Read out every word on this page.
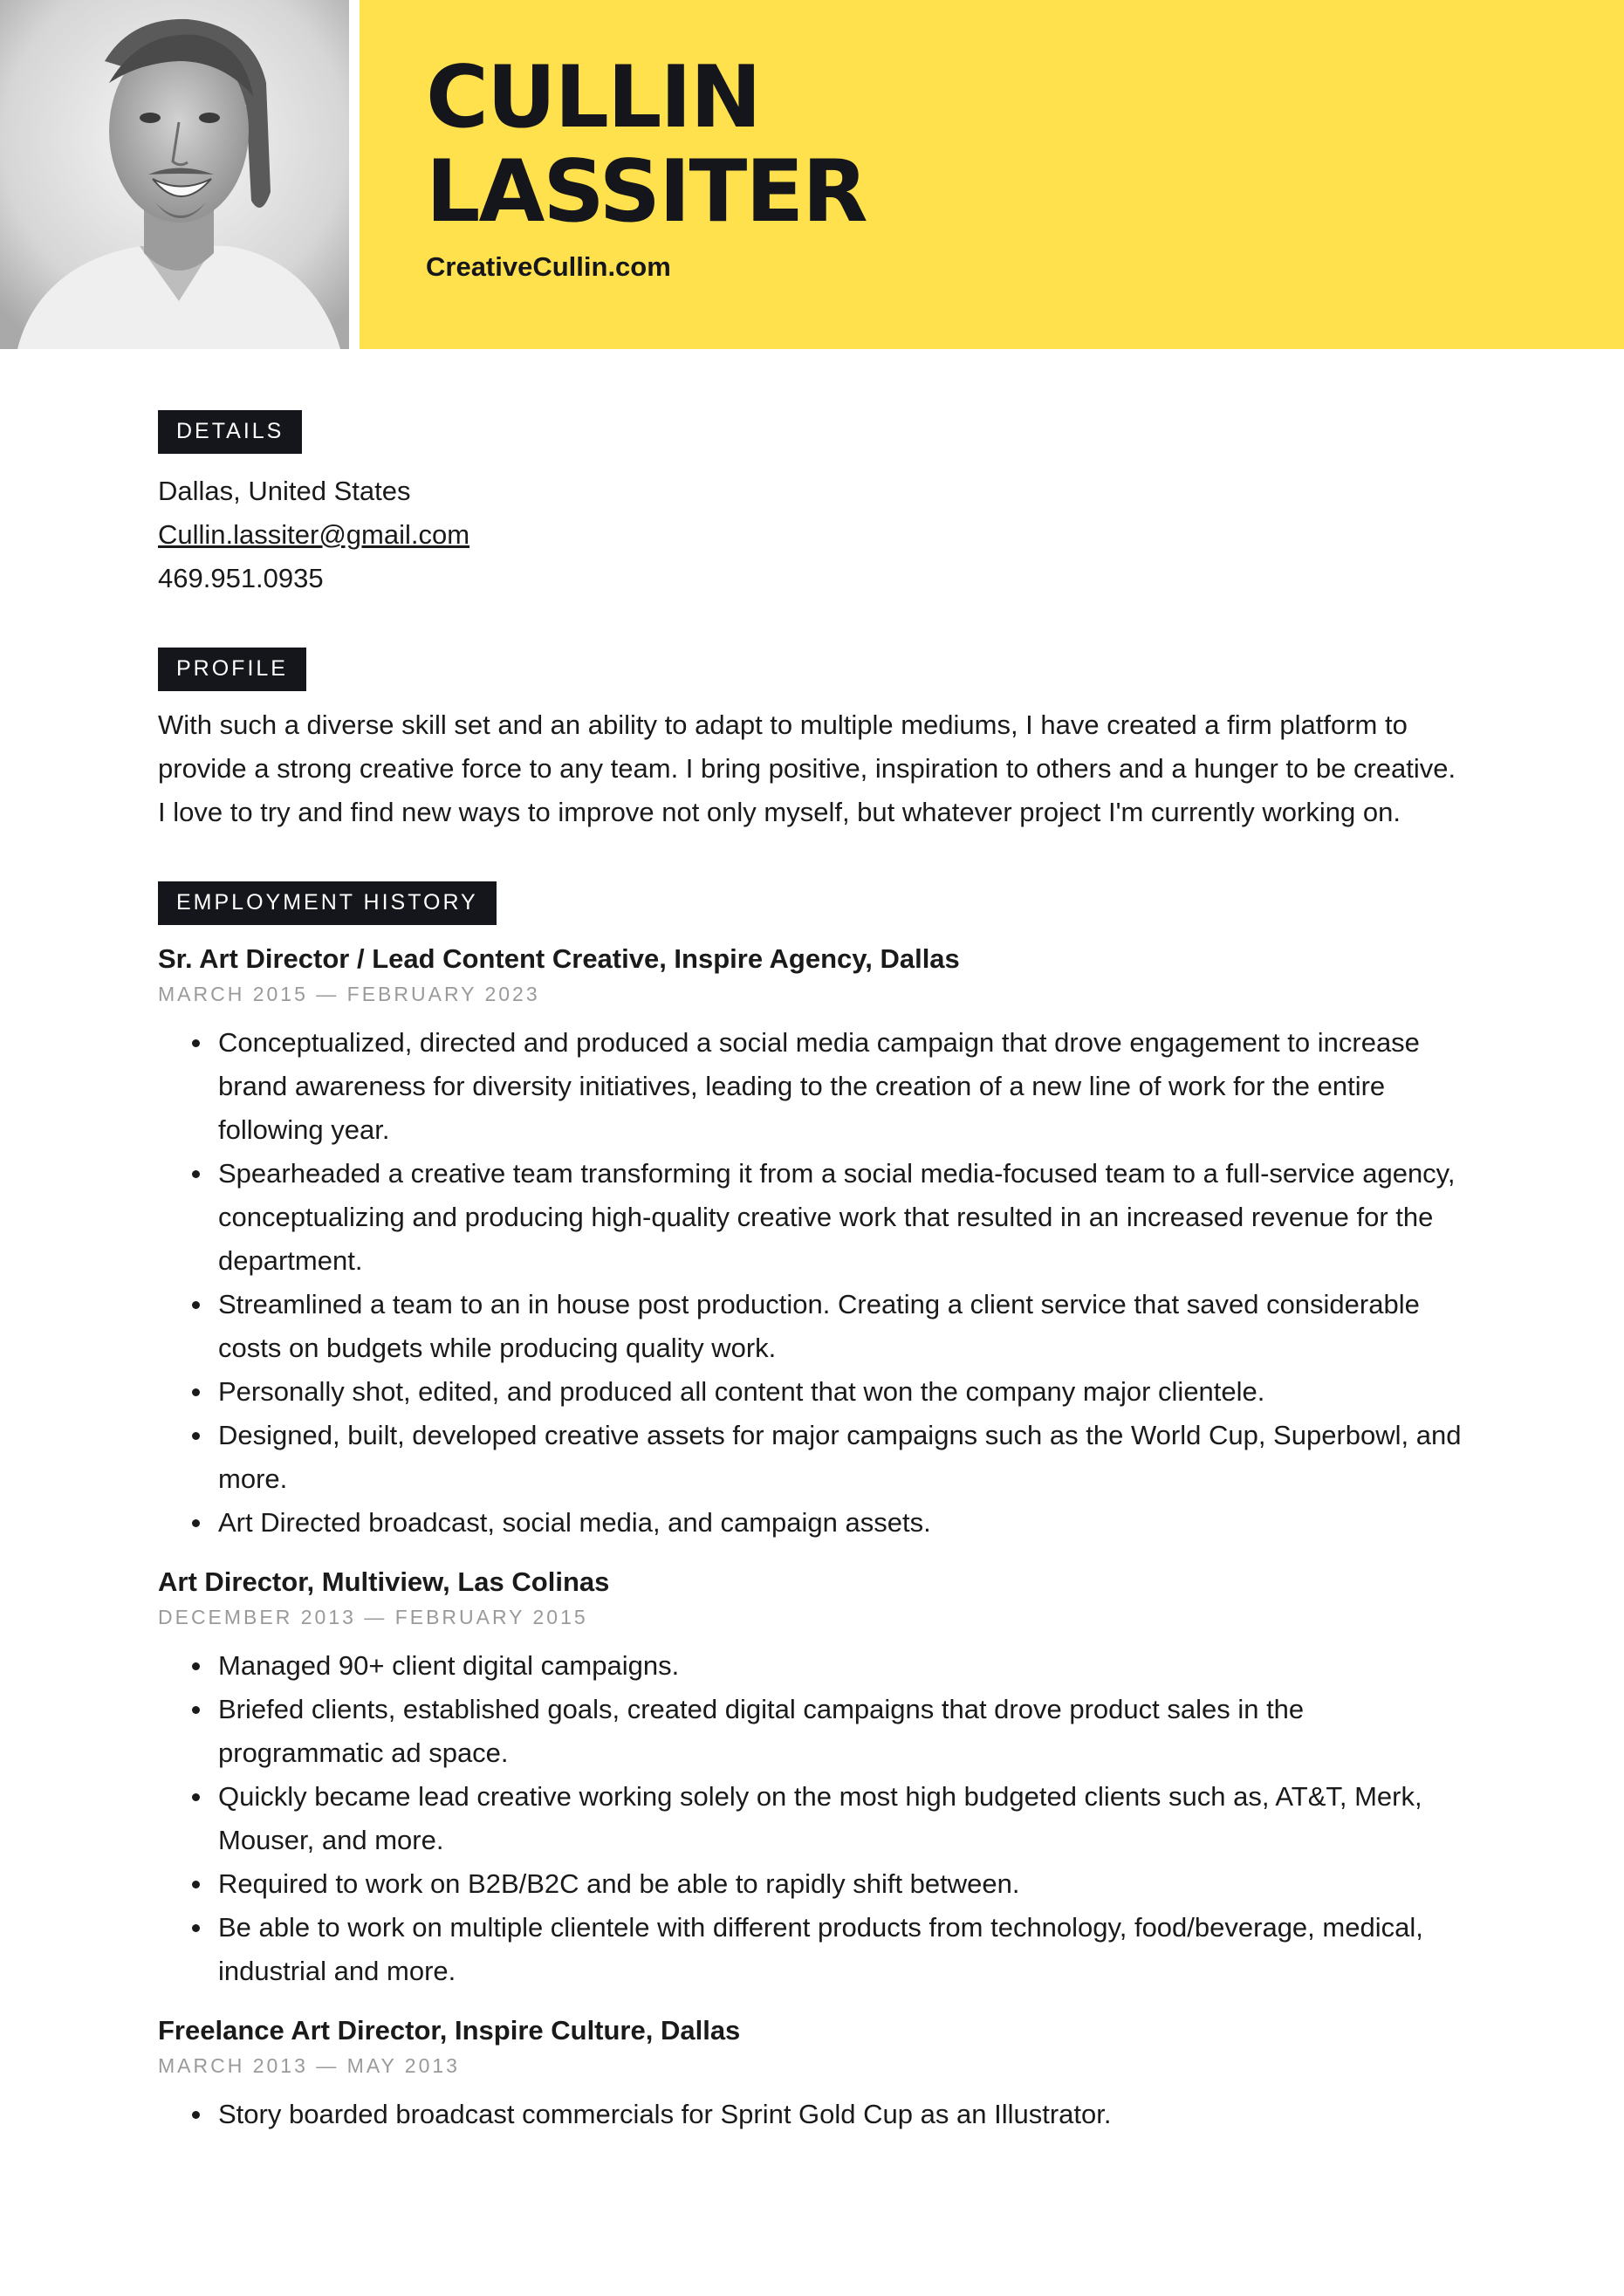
CULLIN
LASSITER
CreativeCullin.com
DETAILS
Dallas, United States
Cullin.lassiter@gmail.com
469.951.0935
PROFILE
With such a diverse skill set and an ability to adapt to multiple mediums, I have created a firm platform to provide a strong creative force to any team. I bring positive, inspiration to others and a hunger to be creative. I love to try and find new ways to improve not only myself, but whatever project I'm currently working on.
EMPLOYMENT HISTORY
Sr. Art Director / Lead Content Creative, Inspire Agency, Dallas
MARCH 2015 — FEBRUARY 2023
Conceptualized, directed and produced a social media campaign that drove engagement to increase brand awareness for diversity initiatives, leading to the creation of a new line of work for the entire following year.
Spearheaded a creative team transforming it from a social media-focused team to a full-service agency, conceptualizing and producing high-quality creative work that resulted in an increased revenue for the department.
Streamlined a team to an in house post production. Creating a client service that saved considerable costs on budgets while producing quality work.
Personally shot, edited, and produced all content that won the company major clientele.
Designed, built, developed creative assets for major campaigns such as the World Cup, Superbowl, and more.
Art Directed broadcast, social media, and campaign assets.
Art Director, Multiview, Las Colinas
DECEMBER 2013 — FEBRUARY 2015
Managed 90+ client digital campaigns.
Briefed clients, established goals, created digital campaigns that drove product sales in the programmatic ad space.
Quickly became lead creative working solely on the most high budgeted clients such as, AT&T, Merk, Mouser, and more.
Required to work on B2B/B2C and be able to rapidly shift between.
Be able to work on multiple clientele with different products from technology, food/beverage, medical, industrial and more.
Freelance Art Director, Inspire Culture, Dallas
MARCH 2013 — MAY 2013
Story boarded broadcast commercials for Sprint Gold Cup as an Illustrator.
